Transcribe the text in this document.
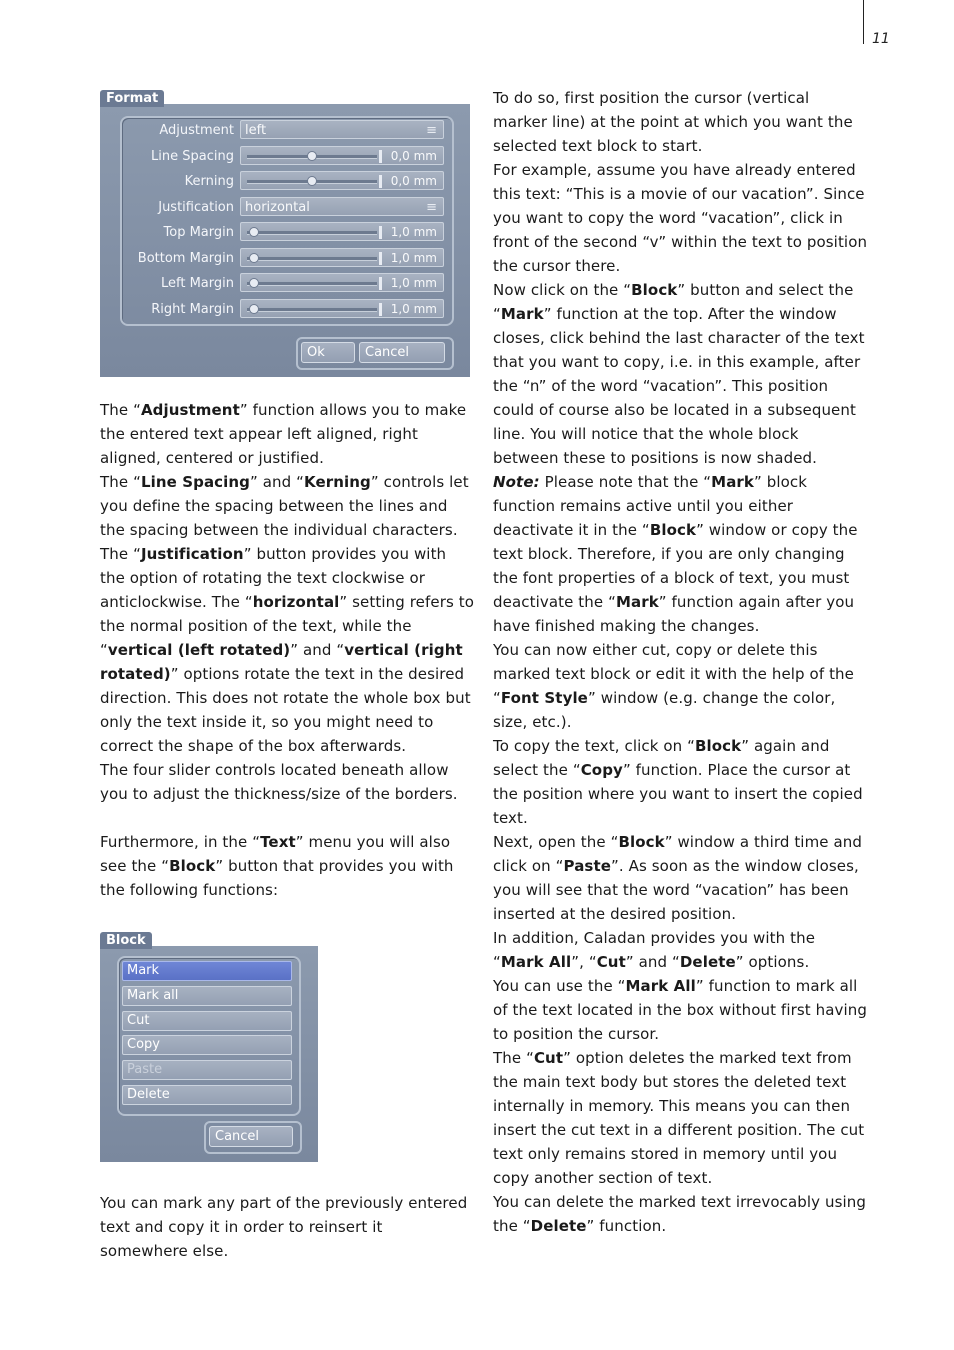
11
Format
Adjustment left	≡
Line Spacing	0,0 mm
Kerning	0,0 mm
Justification horizontal	≡
Top Margin	1,0 mm
Bottom Margin	1,0 mm
Left Margin	1,0 mm
Right Margin	1,0 mm
Ok	Cancel

The “Adjustment” function allows you to make the entered text appear left aligned, right aligned, centered or justified.

The “Line Spacing” and “Kerning” controls let you define the spacing between the lines and the spacing between the individual characters.

The “Justification” button provides you with the option of rotating the text clockwise or anticlockwise. The “horizontal” setting refers to the normal position of the text, while the “vertical (left rotated)” and “vertical (right rotated)” options rotate the text in the desired direction. This does not rotate the whole box but only the text inside it, so you might need to correct the shape of the box afterwards.

The four slider controls located beneath allow you to adjust the thickness/size of the borders.

Furthermore, in the “Text” menu you will also see the “Block” button that provides you with the following functions:

Block
Mark
Mark all
Cut
Copy
Paste
Delete
Cancel

You can mark any part of the previously entered text and copy it in order to reinsert it somewhere else.

To do so, first position the cursor (vertical marker line) at the point at which you want the selected text block to start.

For example, assume you have already entered this text: “This is a movie of our vacation”. Since you want to copy the word “vacation”, click in front of the second “v” within the text to position the cursor there.

Now click on the “Block” button and select the “Mark” function at the top. After the window closes, click behind the last character of the text that you want to copy, i.e. in this example, after the “n” of the word “vacation”. This position could of course also be located in a subsequent line. You will notice that the whole block between these to positions is now shaded.

Note: Please note that the “Mark” block function remains active until you either deactivate it in the “Block” window or copy the text block. Therefore, if you are only changing the font properties of a block of text, you must deactivate the “Mark” function again after you have finished making the changes.

You can now either cut, copy or delete this marked text block or edit it with the help of the “Font Style” window (e.g. change the color, size, etc.).

To copy the text, click on “Block” again and select the “Copy” function. Place the cursor at the position where you want to insert the copied text.

Next, open the “Block” window a third time and click on “Paste”. As soon as the window closes, you will see that the word “vacation” has been inserted at the desired position.

In addition, Caladan provides you with the “Mark All”, “Cut” and “Delete” options.

You can use the “Mark All” function to mark all of the text located in the box without first having to position the cursor.

The “Cut” option deletes the marked text from the main text body but stores the deleted text internally in memory. This means you can then insert the cut text in a different position. The cut text only remains stored in memory until you copy another section of text.

You can delete the marked text irrevocably using the “Delete” function.
